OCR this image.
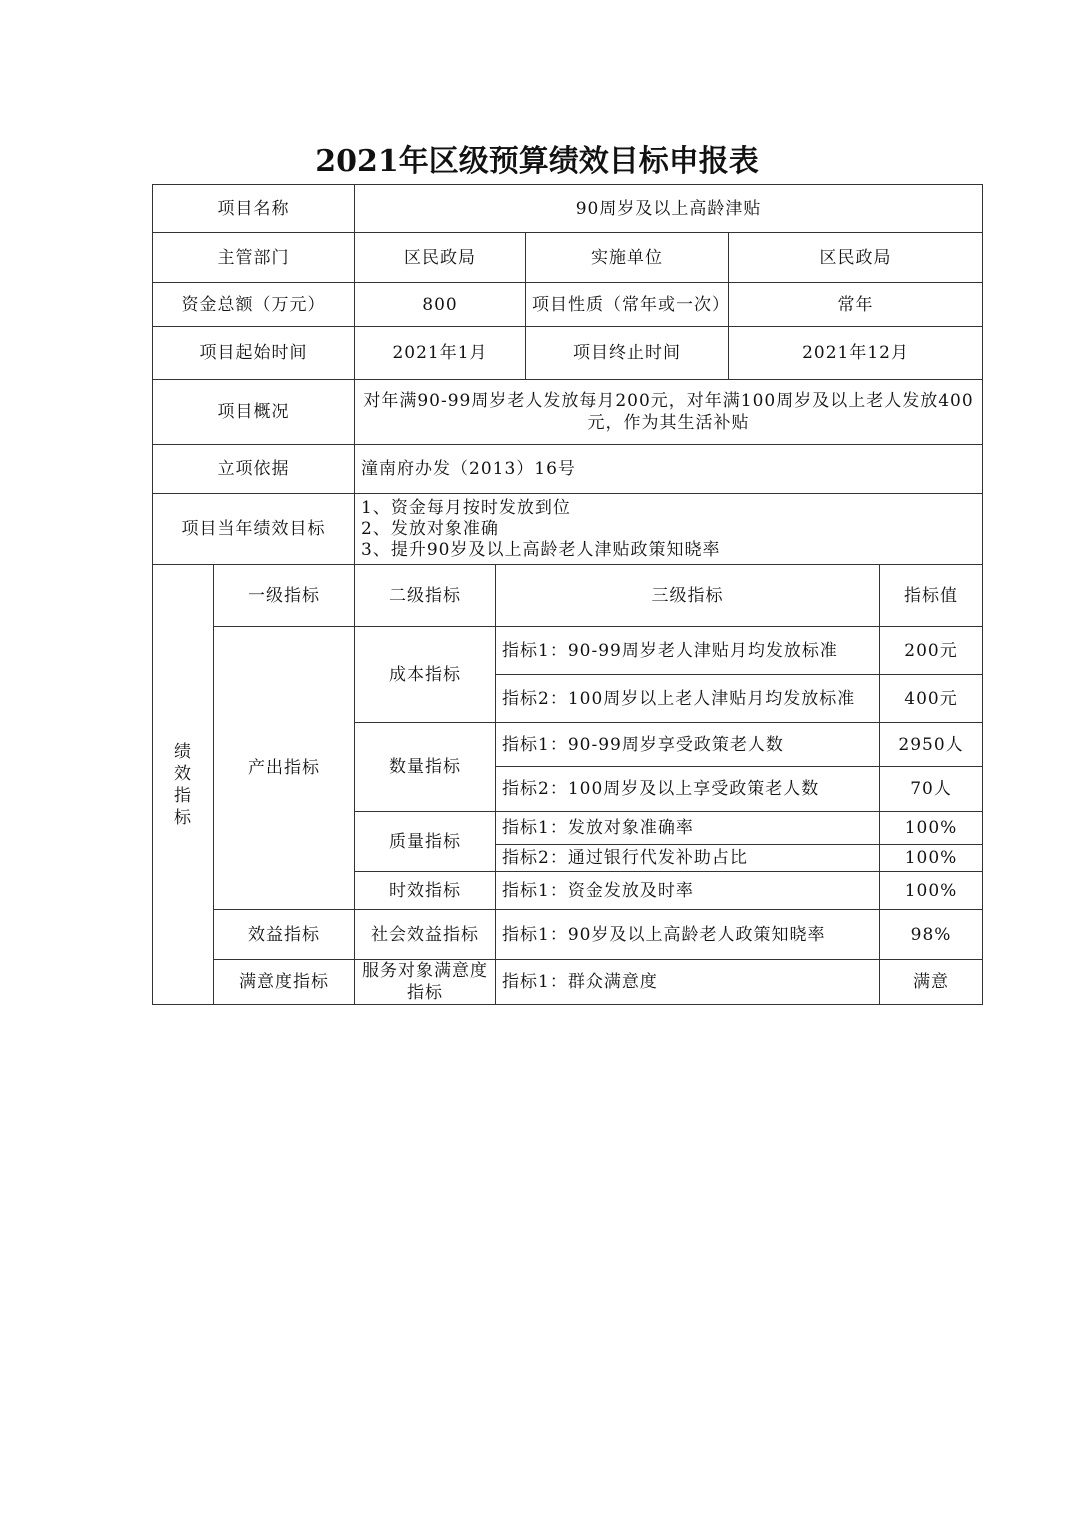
2021年区级预算绩效目标申报表
项目名称		90周岁及以上高龄津贴				
主管部门		区民政局		实施单位	区民政局	
资金总额（万元）		800		项目性质（常年或一次）	常年	
项目起始时间		2021年1月		项目终止时间	2021年12月	
项目概况		对年满90-99周岁老人发放每月200元，对年满100周岁及以上老人发放400元，作为其生活补贴				
立项依据		潼南府办发（2013）16号				
项目当年绩效目标		1、资金每月按时发放到位
2、发放对象准确
3、提升90岁及以上高龄老人津贴政策知晓率				

绩
效
指
标	一级指标	二级指标	三级指标			指标值
	产出指标	成本指标	指标1：90-99周岁老人津贴月均发放标准			200元
			指标2：100周岁以上老人津贴月均发放标准			400元
		数量指标	指标1：90-99周岁享受政策老人数			2950人
			指标2：100周岁及以上享受政策老人数			70人
		质量指标	指标1：发放对象准确率			100%
			指标2：通过银行代发补助占比			100%
		时效指标	指标1：资金发放及时率			100%
	效益指标	社会效益指标	指标1：90岁及以上高龄老人政策知晓率			98%
	满意度指标	服务对象满意度指标	指标1：群众满意度			满意
